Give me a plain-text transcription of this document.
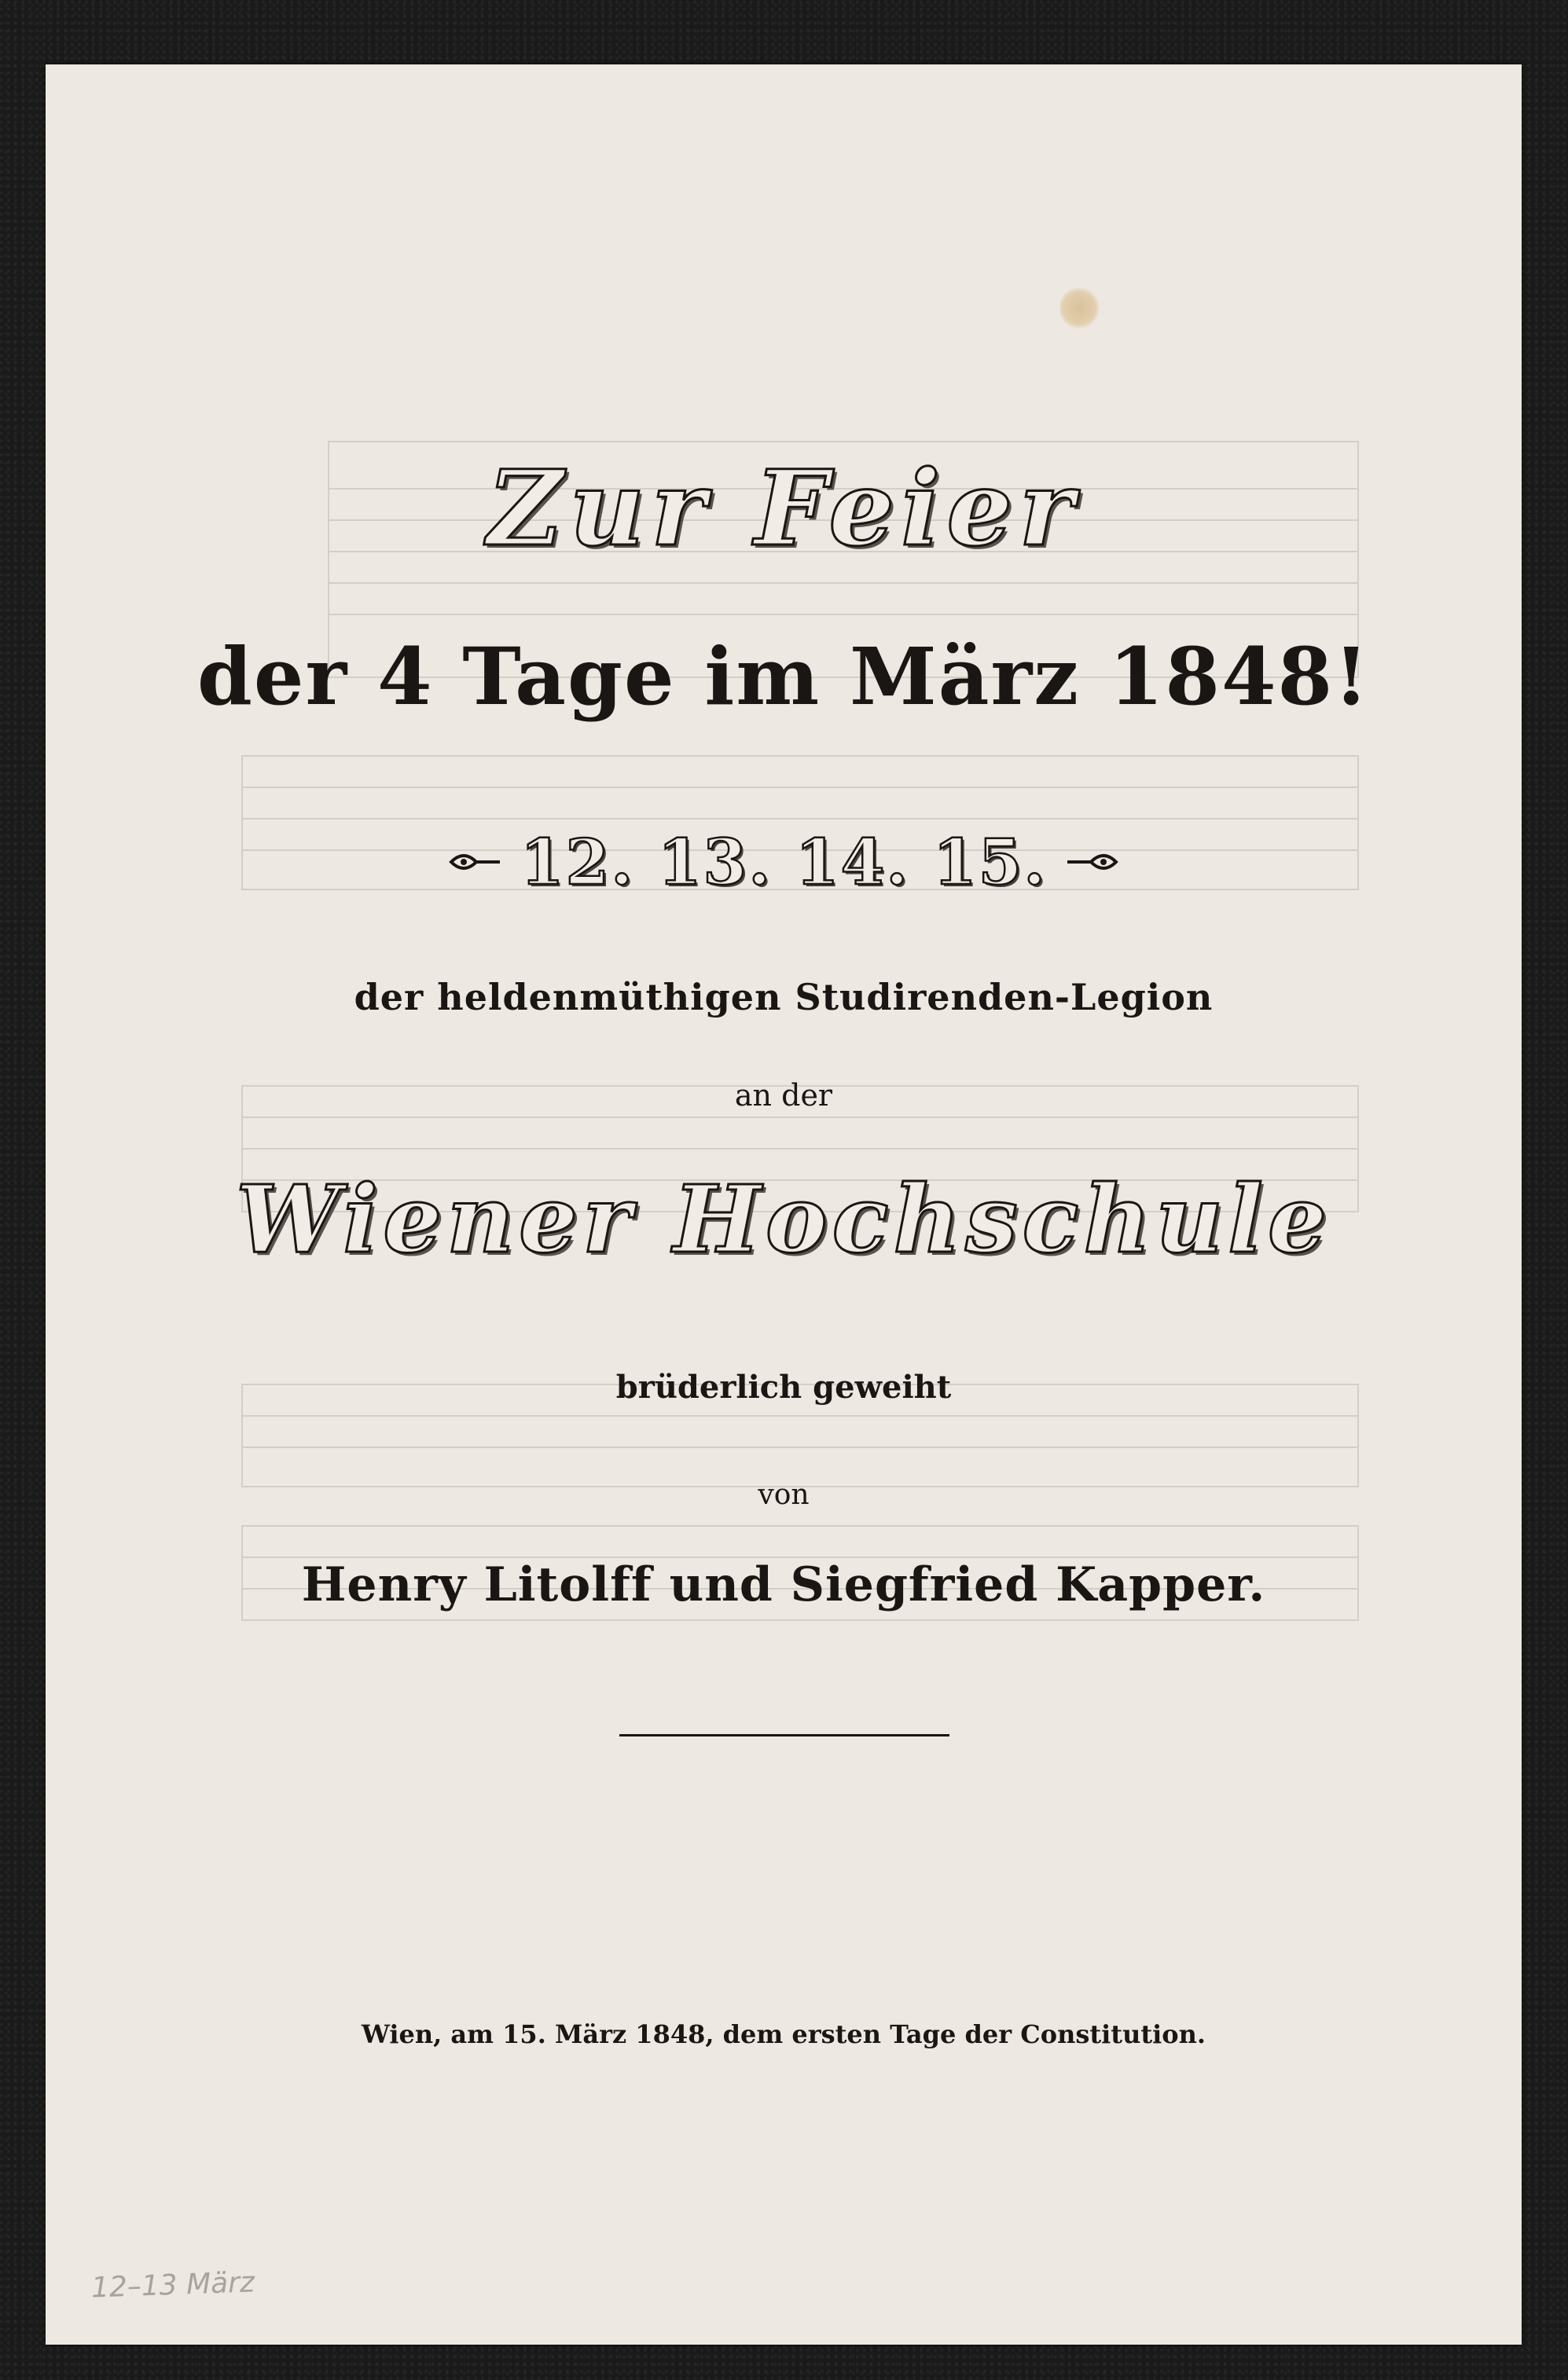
Zur Feier
der 4 Tage im März 1848!
12. 13. 14. 15.
der heldenmüthigen Studirenden-Legion
an der
Wiener Hochschule
brüderlich geweiht
von
Henry Litolff und Siegfried Kapper.
Wien, am 15. März 1848, dem ersten Tage der Constitution.
12–13 März
